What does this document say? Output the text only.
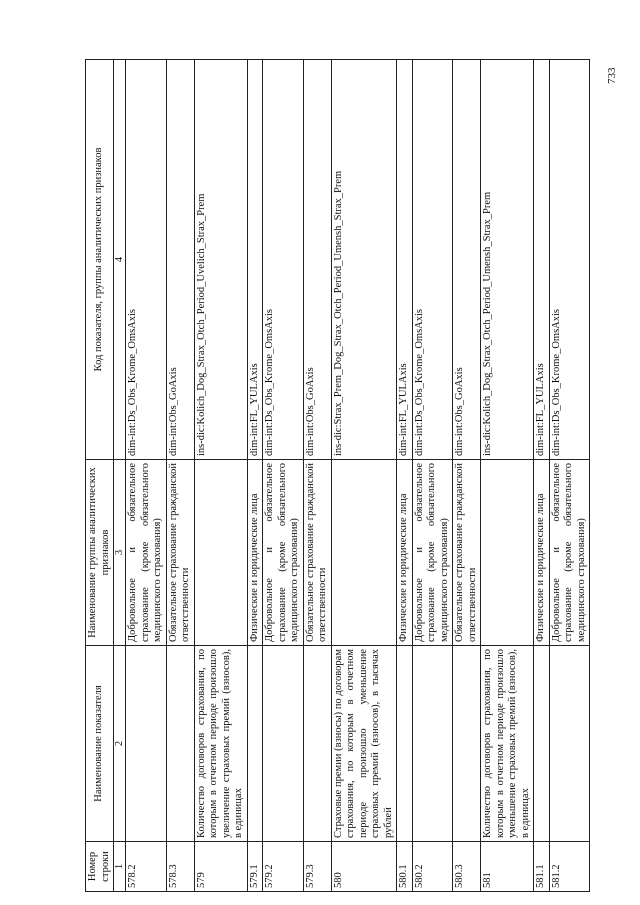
Номер строки	Наименование показателя	Наименование группы аналитических признаков	Код показателя, группы аналитических признаков
1	2	3	4
578.2		Добровольное и обязательное страхование (кроме обязательного медицинского страхования)	dim-int:Ds_Obs_Krome_OmsAxis
578.3		Обязательное страхование гражданской ответственности	dim-int:Obs_GoAxis
579	Количество договоров страхования, по которым в отчетном периоде произошло увеличение страховых премий (взносов), в единицах		ins-dic:Kolich_Dog_Strax_Otch_Period_Uvelich_Strax_Prem
579.1		Физические и юридические лица	dim-int:FL_YULAxis
579.2		Добровольное и обязательное страхование (кроме обязательного медицинского страхования)	dim-int:Ds_Obs_Krome_OmsAxis
579.3		Обязательное страхование гражданской ответственности	dim-int:Obs_GoAxis
580	Страховые премии (взносы) по договорам страхования, по которым в отчетном периоде произошло уменьшение страховых премий (взносов), в тысячах рублей		ins-dic:Strax_Prem_Dog_Strax_Otch_Period_Umensh_Strax_Prem
580.1		Физические и юридические лица	dim-int:FL_YULAxis
580.2		Добровольное и обязательное страхование (кроме обязательного медицинского страхования)	dim-int:Ds_Obs_Krome_OmsAxis
580.3		Обязательное страхование гражданской ответственности	dim-int:Obs_GoAxis
581	Количество договоров страхования, по которым в отчетном периоде произошло уменьшение страховых премий (взносов), в единицах		ins-dic:Kolich_Dog_Strax_Otch_Period_Umensh_Strax_Prem
581.1		Физические и юридические лица	dim-int:FL_YULAxis
581.2		Добровольное и обязательное страхование (кроме обязательного медицинского страхования)	dim-int:Ds_Obs_Krome_OmsAxis
733
